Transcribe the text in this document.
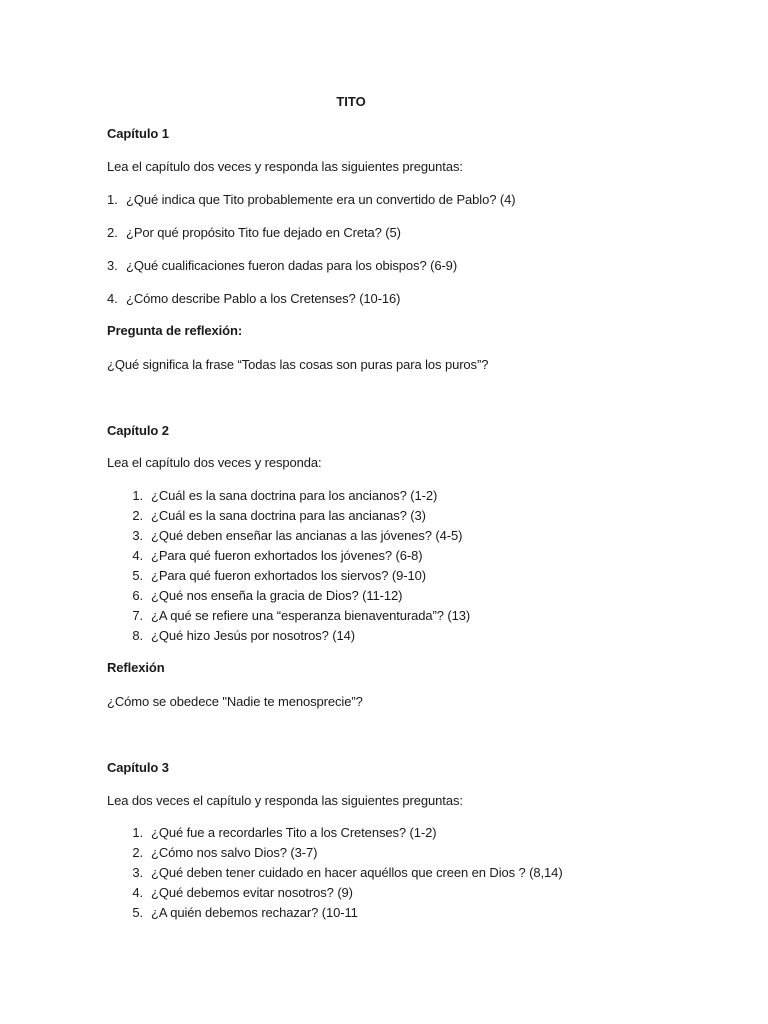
TITO
Capítulo 1
Lea el capítulo dos veces y responda las siguientes preguntas:
1. ¿Qué indica que Tito probablemente era un convertido de Pablo? (4)
2. ¿Por qué propósito Tito fue dejado en Creta? (5)
3. ¿Qué cualificaciones fueron dadas para los obispos? (6-9)
4. ¿Cómo describe Pablo a los Cretenses? (10-16)
Pregunta de reflexión:
¿Qué significa la frase “Todas las cosas son puras para los puros”?
Capítulo 2
Lea el capítulo dos veces y responda:
1. ¿Cuál es la sana doctrina para los ancianos? (1-2)
2. ¿Cuál es la sana doctrina para las ancianas? (3)
3. ¿Qué deben enseñar las ancianas a las jóvenes? (4-5)
4. ¿Para qué fueron exhortados los jóvenes? (6-8)
5. ¿Para qué fueron exhortados los siervos? (9-10)
6. ¿Qué nos enseña la gracia de Dios? (11-12)
7. ¿A qué se refiere una “esperanza bienaventurada”? (13)
8. ¿Qué hizo Jesús por nosotros? (14)
Reflexión
¿Cómo se obedece "Nadie te menosprecie”?
Capítulo 3
Lea dos veces el capítulo y responda las siguientes preguntas:
1. ¿Qué fue a recordarles Tito a los Cretenses? (1-2)
2. ¿Cómo nos salvo Dios? (3-7)
3. ¿Qué deben tener cuidado en hacer aquéllos que creen en Dios ? (8,14)
4. ¿Qué debemos evitar nosotros? (9)
5. ¿A quién debemos rechazar? (10-11
